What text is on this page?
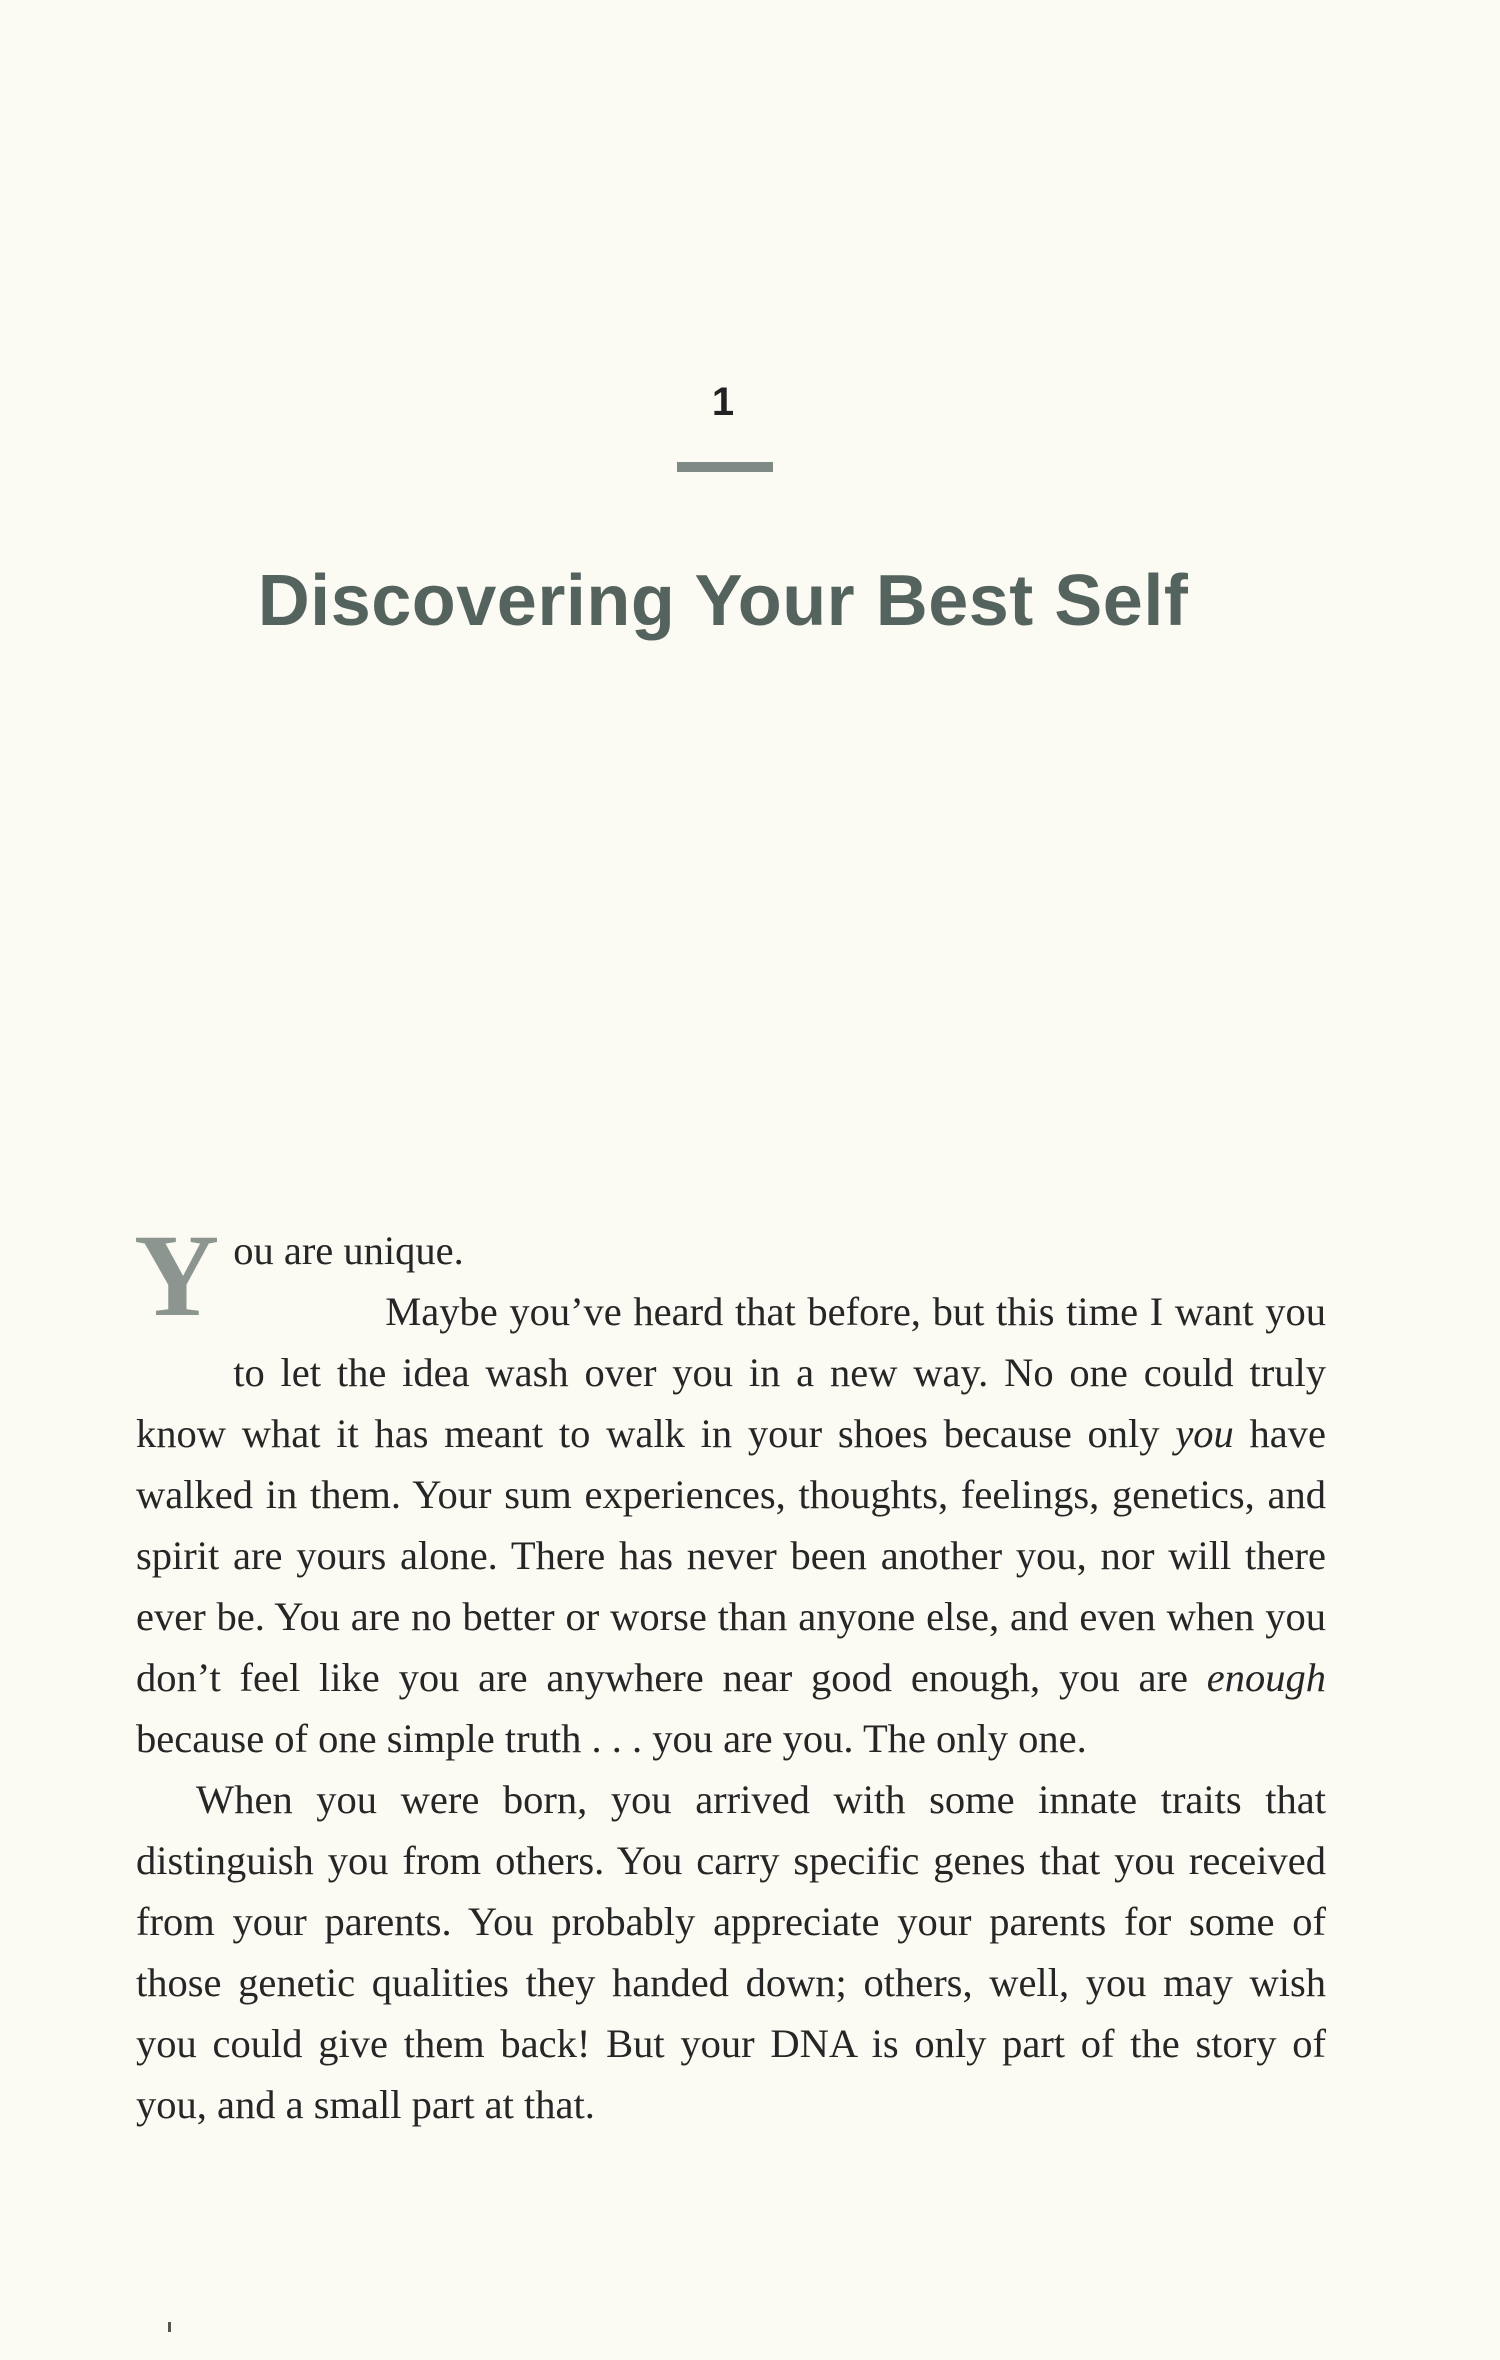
1
Discovering Your Best Self

You are unique.

Maybe you’ve heard that before, but this time I want you to let the idea wash over you in a new way. No one could truly know what it has meant to walk in your shoes because only you have walked in them. Your sum experiences, thoughts, feelings, genetics, and spirit are yours alone. There has never been another you, nor will there ever be. You are no better or worse than anyone else, and even when you don’t feel like you are anywhere near good enough, you are enough because of one simple truth . . . you are you. The only one.

When you were born, you arrived with some innate traits that distinguish you from others. You carry specific genes that you received from your parents. You probably appreciate your parents for some of those genetic qualities they handed down; others, well, you may wish you could give them back! But your DNA is only part of the story of you, and a small part at that.
